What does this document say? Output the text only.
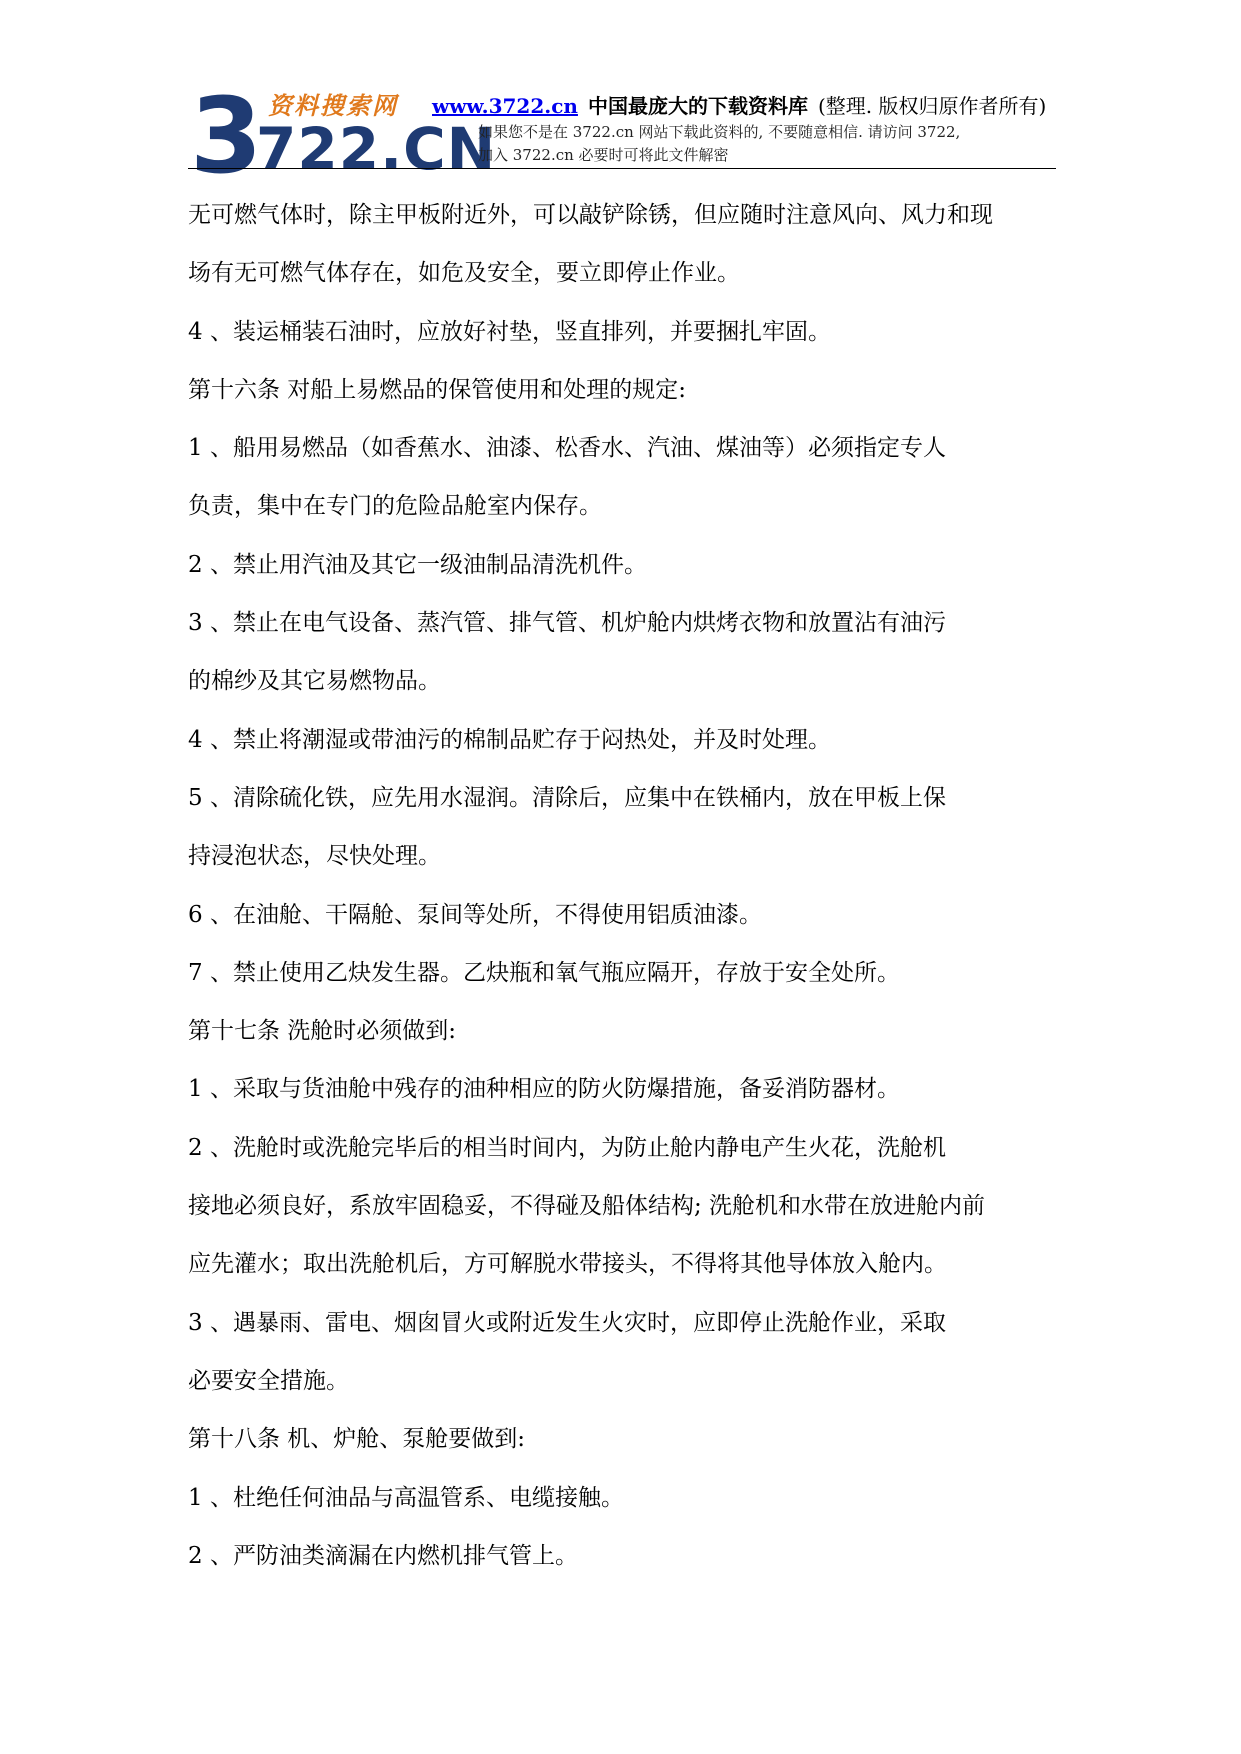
资料搜索网
3
722.CN
www.3722.cn 中国最庞大的下载资料库 (整理. 版权归原作者所有)
如果您不是在 3722.cn 网站下载此资料的, 不要随意相信. 请访问 3722,
加入 3722.cn 必要时可将此文件解密

无可燃气体时，除主甲板附近外，可以敲铲除锈，但应随时注意风向、风力和现

场有无可燃气体存在，如危及安全，要立即停止作业。

4 、装运桶装石油时，应放好衬垫，竖直排列，并要捆扎牢固。

第十六条 对船上易燃品的保管使用和处理的规定:

1 、船用易燃品（如香蕉水、油漆、松香水、汽油、煤油等）必须指定专人

负责，集中在专门的危险品舱室内保存。

2 、禁止用汽油及其它一级油制品清洗机件。

3 、禁止在电气设备、蒸汽管、排气管、机炉舱内烘烤衣物和放置沾有油污

的棉纱及其它易燃物品。

4 、禁止将潮湿或带油污的棉制品贮存于闷热处，并及时处理。

5 、清除硫化铁，应先用水湿润。清除后，应集中在铁桶内，放在甲板上保

持浸泡状态，尽快处理。

6 、在油舱、干隔舱、泵间等处所，不得使用铝质油漆。

7 、禁止使用乙炔发生器。乙炔瓶和氧气瓶应隔开，存放于安全处所。

第十七条 洗舱时必须做到:

1 、采取与货油舱中残存的油种相应的防火防爆措施，备妥消防器材。

2 、洗舱时或洗舱完毕后的相当时间内，为防止舱内静电产生火花，洗舱机

接地必须良好，系放牢固稳妥，不得碰及船体结构; 洗舱机和水带在放进舱内前

应先灌水；取出洗舱机后，方可解脱水带接头，不得将其他导体放入舱内。

3 、遇暴雨、雷电、烟囱冒火或附近发生火灾时，应即停止洗舱作业，采取

必要安全措施。

第十八条 机、炉舱、泵舱要做到:

1 、杜绝任何油品与高温管系、电缆接触。

2 、严防油类滴漏在内燃机排气管上。
